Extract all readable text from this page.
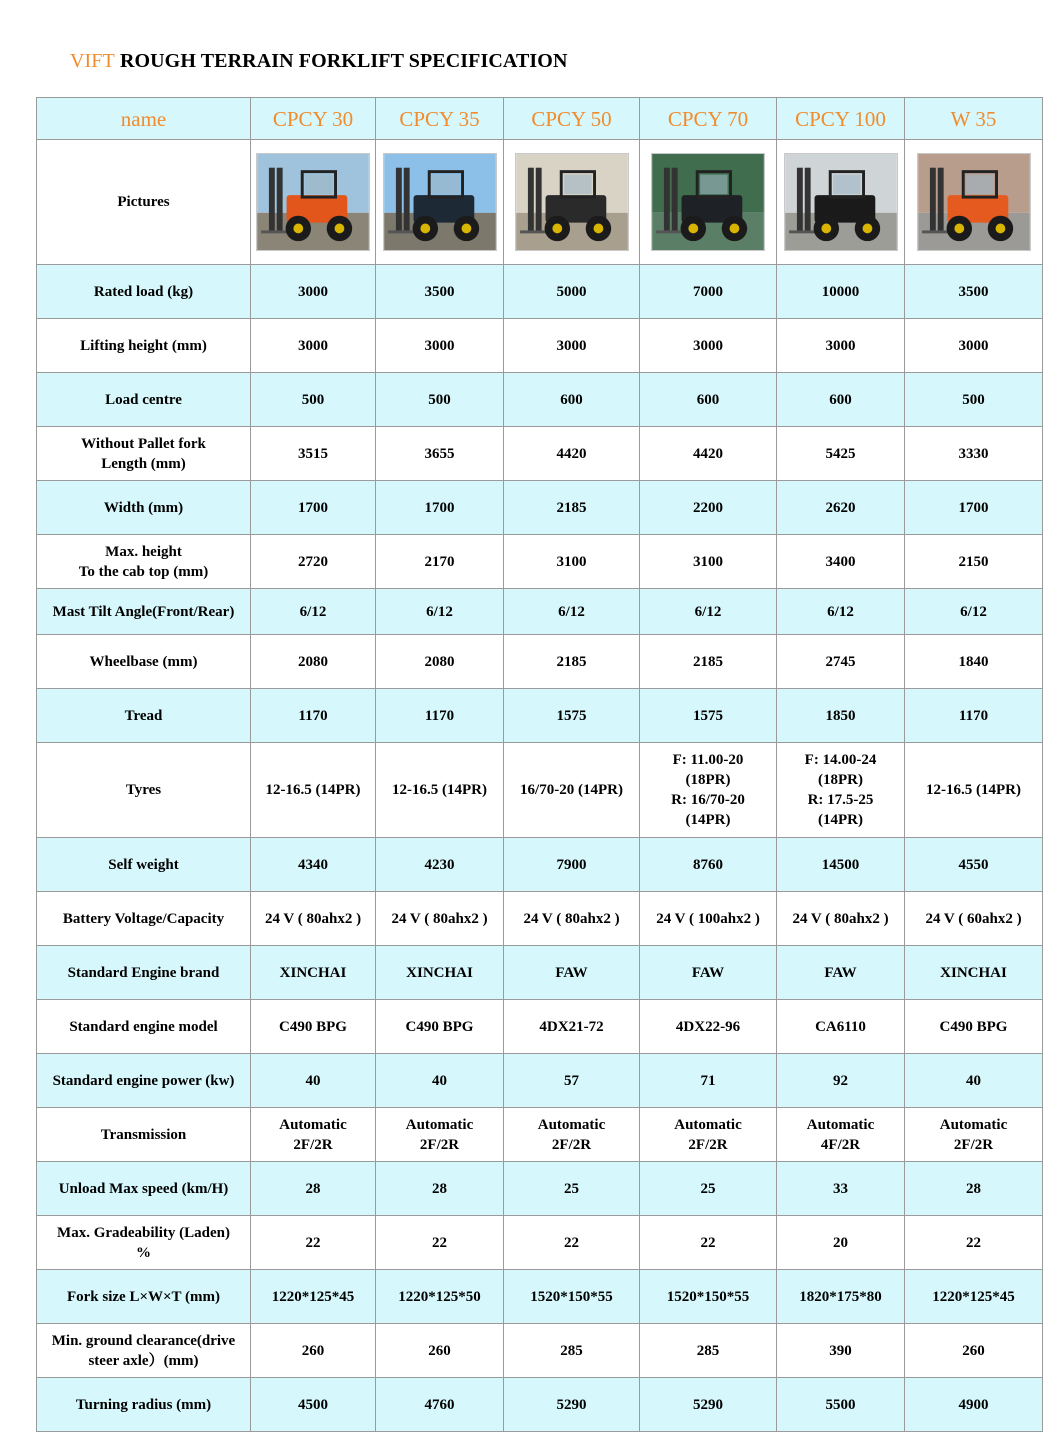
VIFT ROUGH TERRAIN FORKLIFT SPECIFICATION
name	CPCY 30	CPCY 35	CPCY 50	CPCY 70	CPCY 100	W 35
Pictures	

Rated load (kg)	3000	3500	5000	7000	10000	3500
Lifting height (mm)	3000	3000	3000	3000	3000	3000
Load centre	500	500	600	600	600	500
Without Pallet fork
Length (mm)	3515	3655	4420	4420	5425	3330
Width (mm)	1700	1700	2185	2200	2620	1700
Max. height
To the cab top (mm)	2720	2170	3100	3100	3400	2150
Mast Tilt Angle(Front/Rear)	6/12	6/12	6/12	6/12	6/12	6/12
Wheelbase (mm)	2080	2080	2185	2185	2745	1840
Tread	1170	1170	1575	1575	1850	1170
Tyres	12-16.5 (14PR)	12-16.5 (14PR)	16/70-20 (14PR)	F: 11.00-20
(18PR)
R: 16/70-20
(14PR)	F: 14.00-24
(18PR)
R: 17.5-25
(14PR)	12-16.5 (14PR)
Self weight	4340	4230	7900	8760	14500	4550
Battery Voltage/Capacity	24 V ( 80ahx2 )	24 V ( 80ahx2 )	24 V ( 80ahx2 )	24 V ( 100ahx2 )	24 V ( 80ahx2 )	24 V ( 60ahx2 )
Standard Engine brand	XINCHAI	XINCHAI	FAW	FAW	FAW	XINCHAI
Standard engine model	C490 BPG	C490 BPG	4DX21-72	4DX22-96	CA6110	C490 BPG
Standard engine power (kw)	40	40	57	71	92	40
Transmission	Automatic
2F/2R	Automatic
2F/2R	Automatic
2F/2R	Automatic
2F/2R	Automatic
4F/2R	Automatic
2F/2R
Unload Max speed (km/H)	28	28	25	25	33	28
Max. Gradeability (Laden)
%	22	22	22	22	20	22
Fork size L×W×T (mm)	1220*125*45	1220*125*50	1520*150*55	1520*150*55	1820*175*80	1220*125*45
Min. ground clearance(drive
steer axle）(mm)	260	260	285	285	390	260
Turning radius (mm)	4500	4760	5290	5290	5500	4900
